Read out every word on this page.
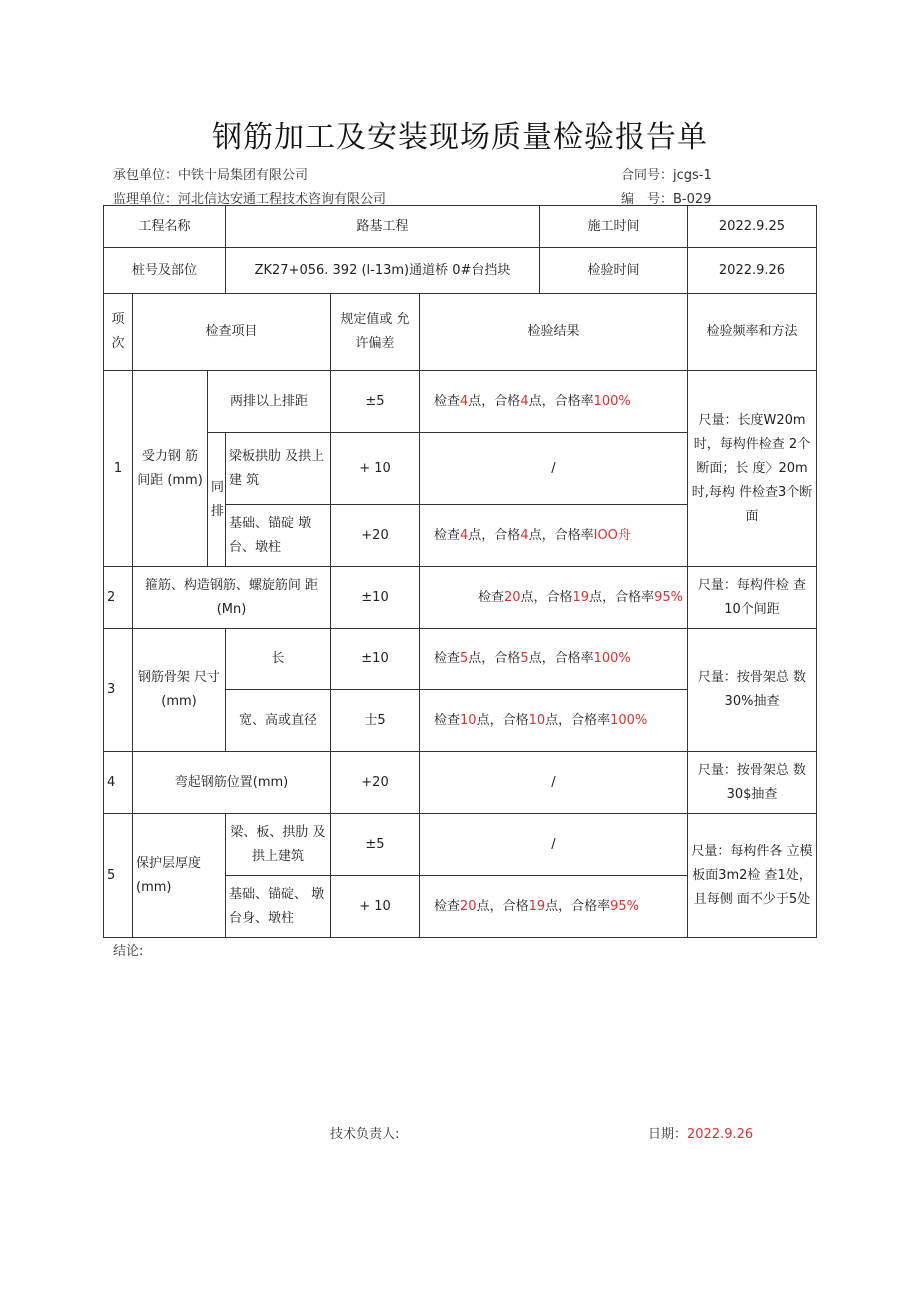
钢筋加工及安装现场质量检验报告单
承包单位：中铁十局集团有限公司
监理单位：河北信达安通工程技术咨询有限公司
合同号：jcgs-1
编　号：B-029
工程名称			路基工程			施工时间	2022.9.25
桩号及部位			ZK27+056. 392 (l-13m)通道桥 0#台挡块			检验时间	2022.9.26
项次	检查项目			规定值或 允许偏差	检验结果		检验频率和方法
1	受力钢 筋间距 (mm)	两排以上排距		±5	检查4点，合格4点，合格率100%		尺量：长度W20m 时，每构件检查 2个断面；长 度〉20m时,每构 件检查3个断面
		同排	梁板拱肋 及拱上建 筑	+ 10	/		
			基础、锚碇 墩台、墩柱	+20	检查4点，合格4点，合格率IOO舟		
2	箍筋、构造钢筋、螺旋筋间 距(Mn)			±10	检查20点，合格19点，合格率95%		尺量：每构件检 查10个间距
3	钢筋骨架 尺寸(mm)		长	±10	检查5点，合格5点，合格率100%		尺量：按骨架总 数30%抽查
			宽、高或直径	士5	检查10点，合格10点，合格率100%		
4	弯起钢筋位置(mm)			+20	/		尺量：按骨架总 数30$抽查
5	保护层厚度(mm)		梁、板、拱肋 及拱上建筑	±5	/		尺量：每构件各 立模板面3m2检 查1处，且每侧 面不少于5处
			基础、锚碇、 墩台身、墩柱	+ 10	检查20点，合格19点，合格率95%		
结论:
技术负责人:	日期：2022.9.26
